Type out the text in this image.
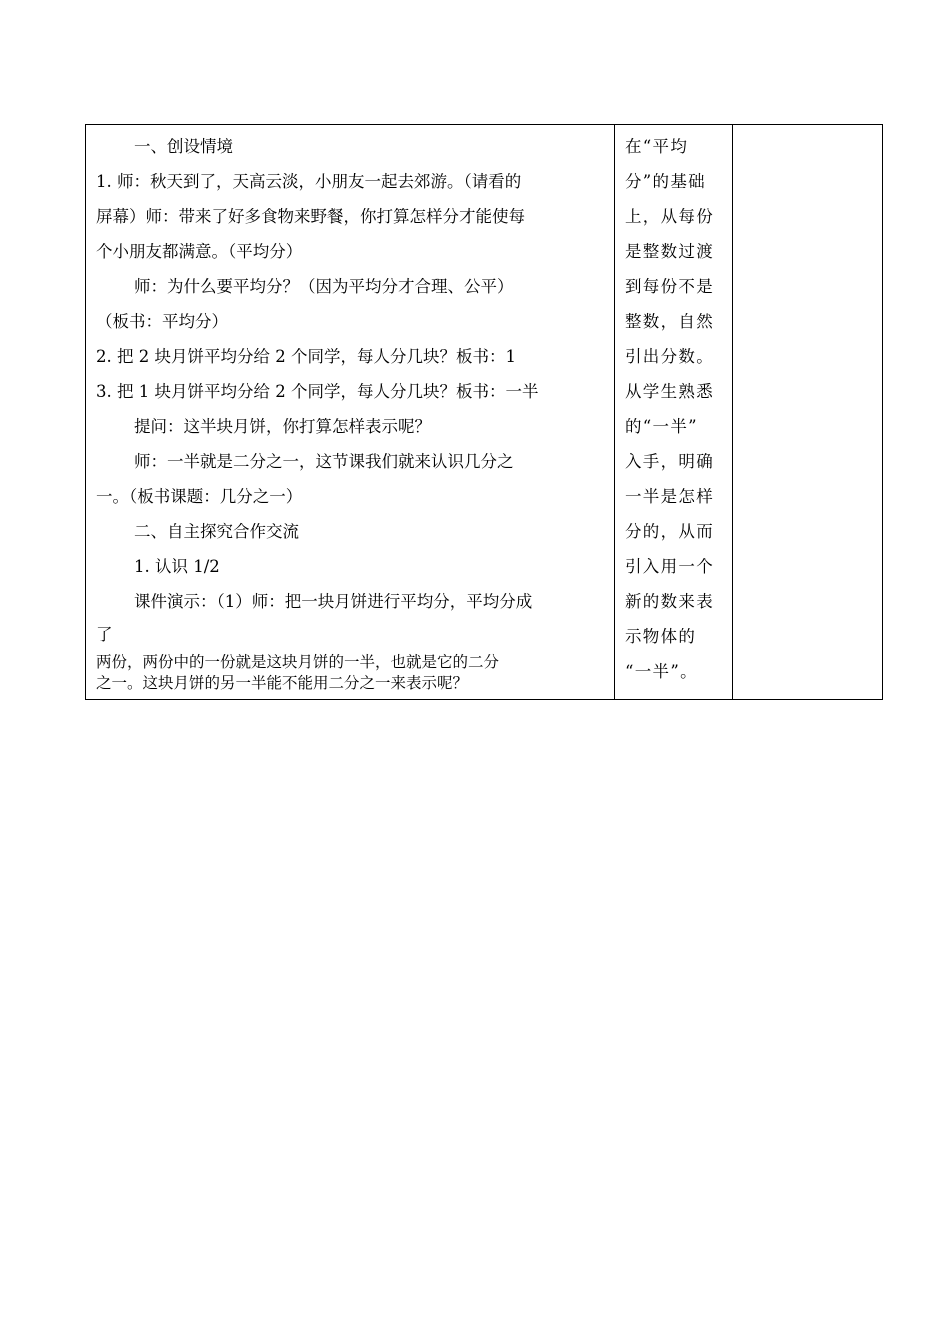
一、创设情境
1. 师：秋天到了，天高云淡，小朋友一起去郊游。（请看的
屏幕）师：带来了好多食物来野餐，你打算怎样分才能使每
个小朋友都满意。（平均分）
师：为什么要平均分？（因为平均分才合理、公平）
（板书：平均分）
2. 把 2 块月饼平均分给 2 个同学，每人分几块？板书：1
3. 把 1 块月饼平均分给 2 个同学，每人分几块？板书：一半
提问：这半块月饼，你打算怎样表示呢？
师：一半就是二分之一，这节课我们就来认识几分之
一。（板书课题：几分之一）
二、自主探究合作交流
1. 认识 1/2
课件演示：（1）师：把一块月饼进行平均分，平均分成
了
两份，两份中的一份就是这块月饼的一半，也就是它的二分
之一。这块月饼的另一半能不能用二分之一来表示呢？
在“平均
分”的基础
上，从每份
是整数过渡
到每份不是
整数，自然
引出分数。
从学生熟悉
的“一半”
入手，明确
一半是怎样
分的，从而
引入用一个
新的数来表
示物体的
“一半”。
